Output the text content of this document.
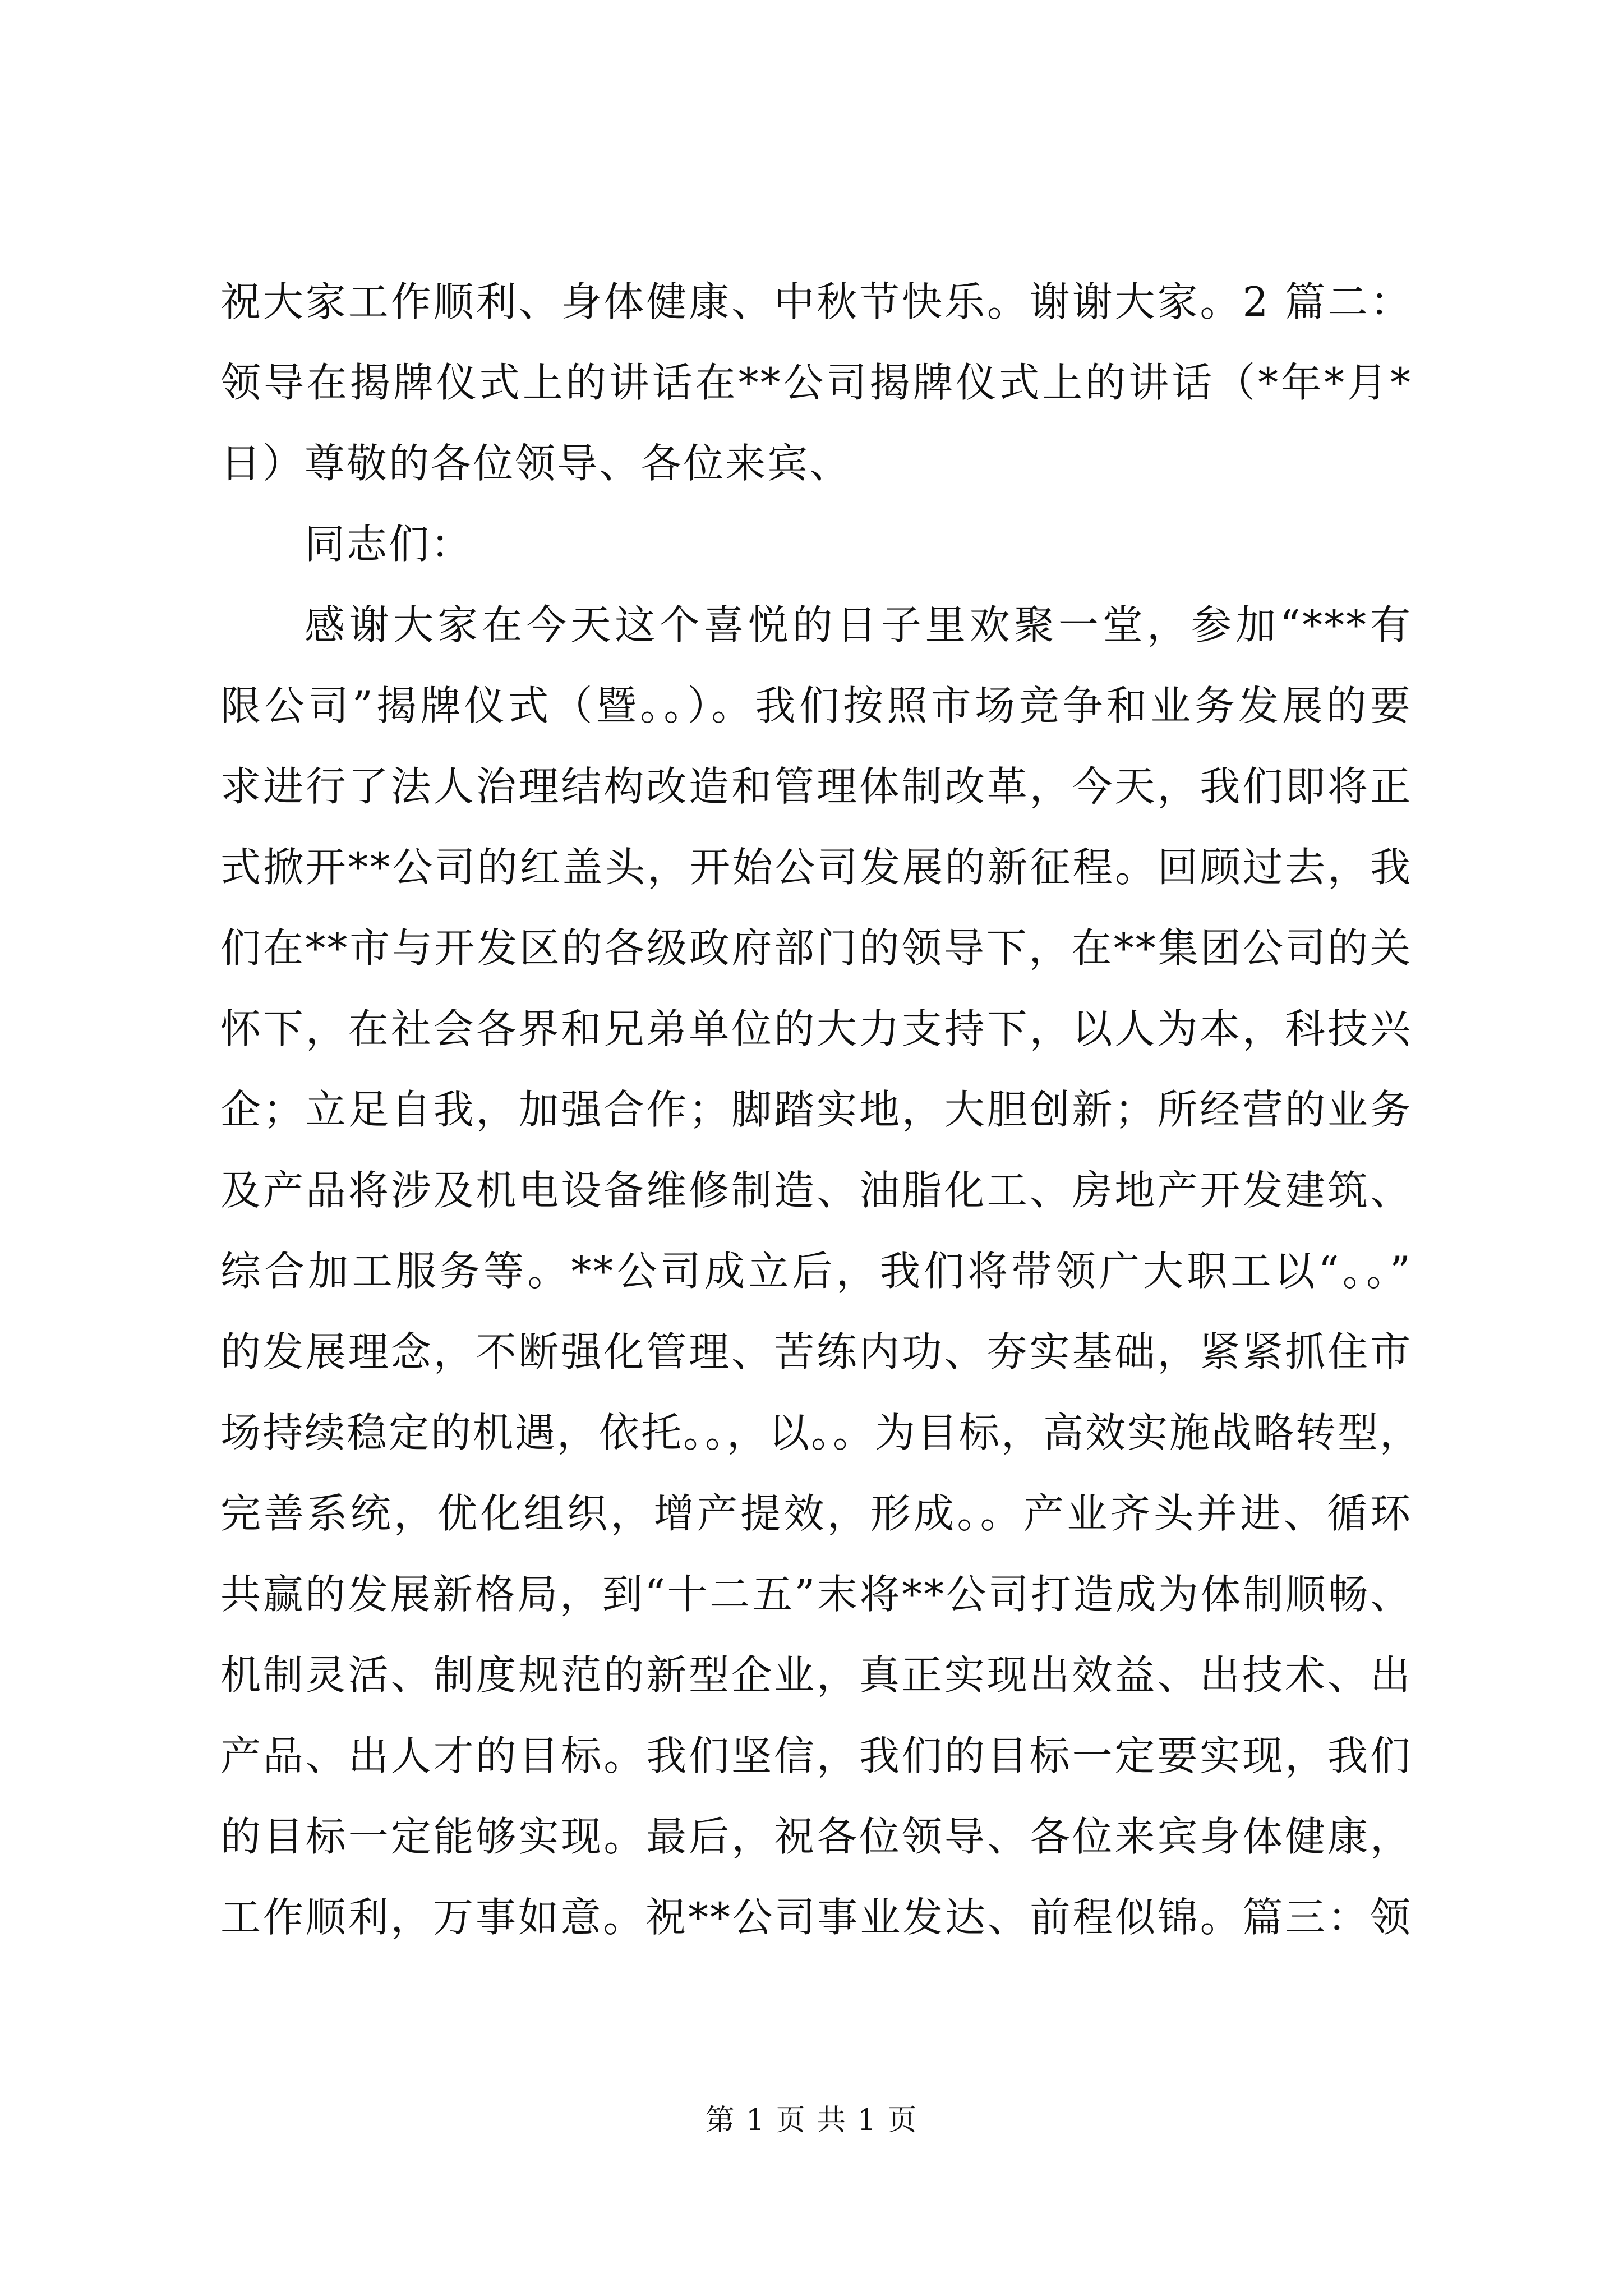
祝大家工作顺利、身体健康、中秋节快乐。谢谢大家。2 篇二：
领导在揭牌仪式上的讲话在**公司揭牌仪式上的讲话（*年*月*
日）尊敬的各位领导、各位来宾、
同志们：
感谢大家在今天这个喜悦的日子里欢聚一堂，参加“***有
限公司”揭牌仪式（暨。。）。我们按照市场竞争和业务发展的要
求进行了法人治理结构改造和管理体制改革，今天，我们即将正
式掀开**公司的红盖头，开始公司发展的新征程。回顾过去，我
们在**市与开发区的各级政府部门的领导下，在**集团公司的关
怀下，在社会各界和兄弟单位的大力支持下，以人为本，科技兴
企；立足自我，加强合作；脚踏实地，大胆创新；所经营的业务
及产品将涉及机电设备维修制造、油脂化工、房地产开发建筑、
综合加工服务等。**公司成立后，我们将带领广大职工以“。。”
的发展理念，不断强化管理、苦练内功、夯实基础，紧紧抓住市
场持续稳定的机遇，依托。。，以。。为目标，高效实施战略转型，
完善系统，优化组织，增产提效，形成。。产业齐头并进、循环
共赢的发展新格局，到“十二五”末将**公司打造成为体制顺畅、
机制灵活、制度规范的新型企业，真正实现出效益、出技术、出
产品、出人才的目标。我们坚信，我们的目标一定要实现，我们
的目标一定能够实现。最后，祝各位领导、各位来宾身体健康，
工作顺利，万事如意。祝**公司事业发达、前程似锦。篇三：领
第 1 页 共 1 页
